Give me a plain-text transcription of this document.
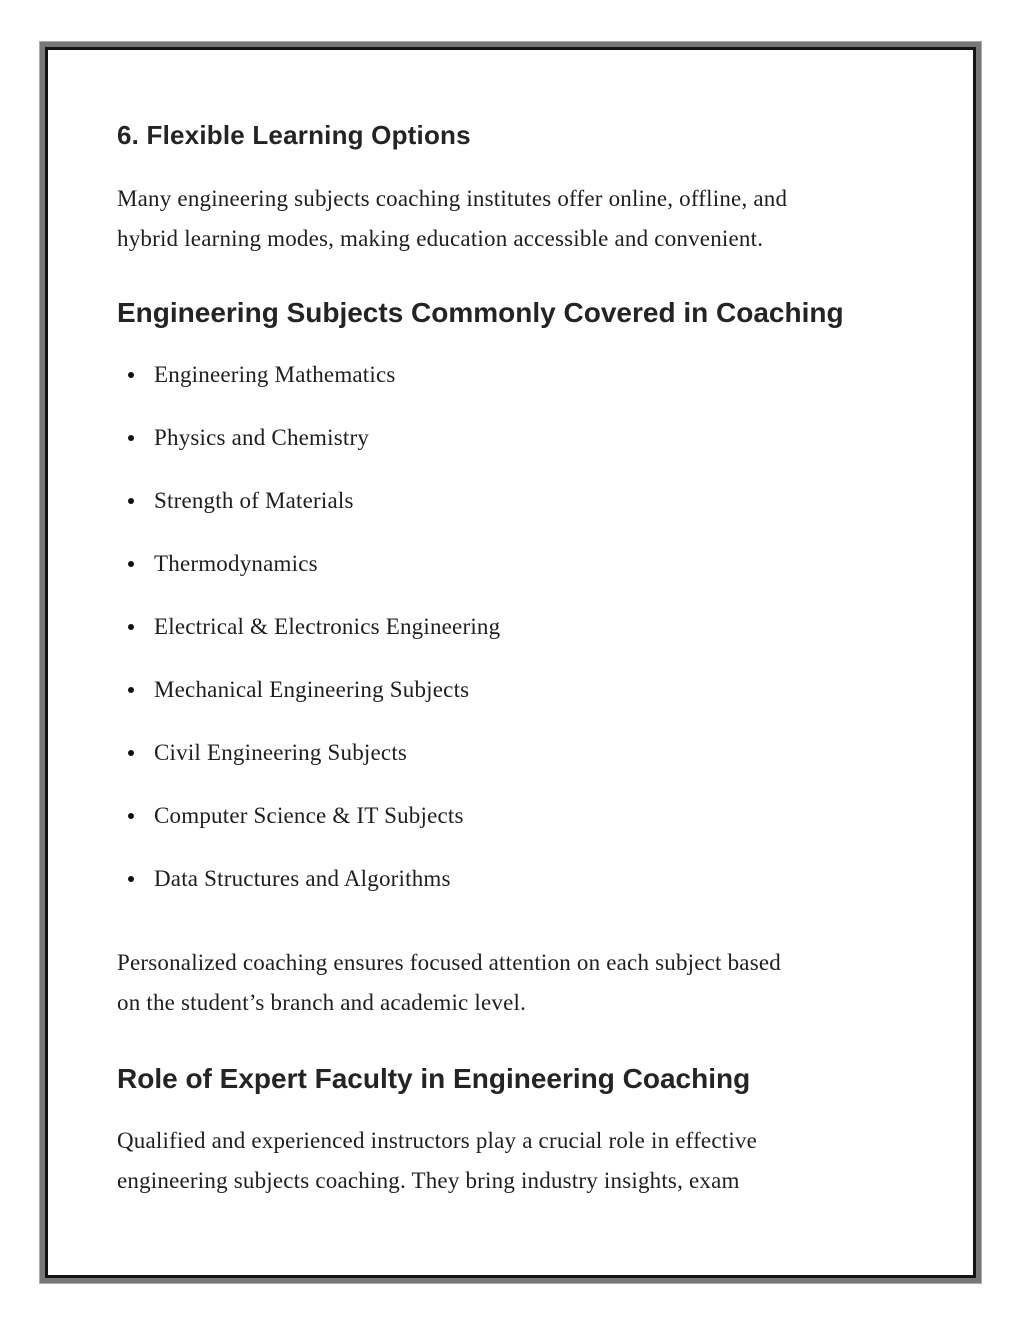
6. Flexible Learning Options

Many engineering subjects coaching institutes offer online, offline, and
hybrid learning modes, making education accessible and convenient.

Engineering Subjects Commonly Covered in Coaching
Engineering Mathematics
Physics and Chemistry
Strength of Materials
Thermodynamics
Electrical & Electronics Engineering
Mechanical Engineering Subjects
Civil Engineering Subjects
Computer Science & IT Subjects
Data Structures and Algorithms

Personalized coaching ensures focused attention on each subject based
on the student’s branch and academic level.

Role of Expert Faculty in Engineering Coaching

Qualified and experienced instructors play a crucial role in effective
engineering subjects coaching. They bring industry insights, exam
